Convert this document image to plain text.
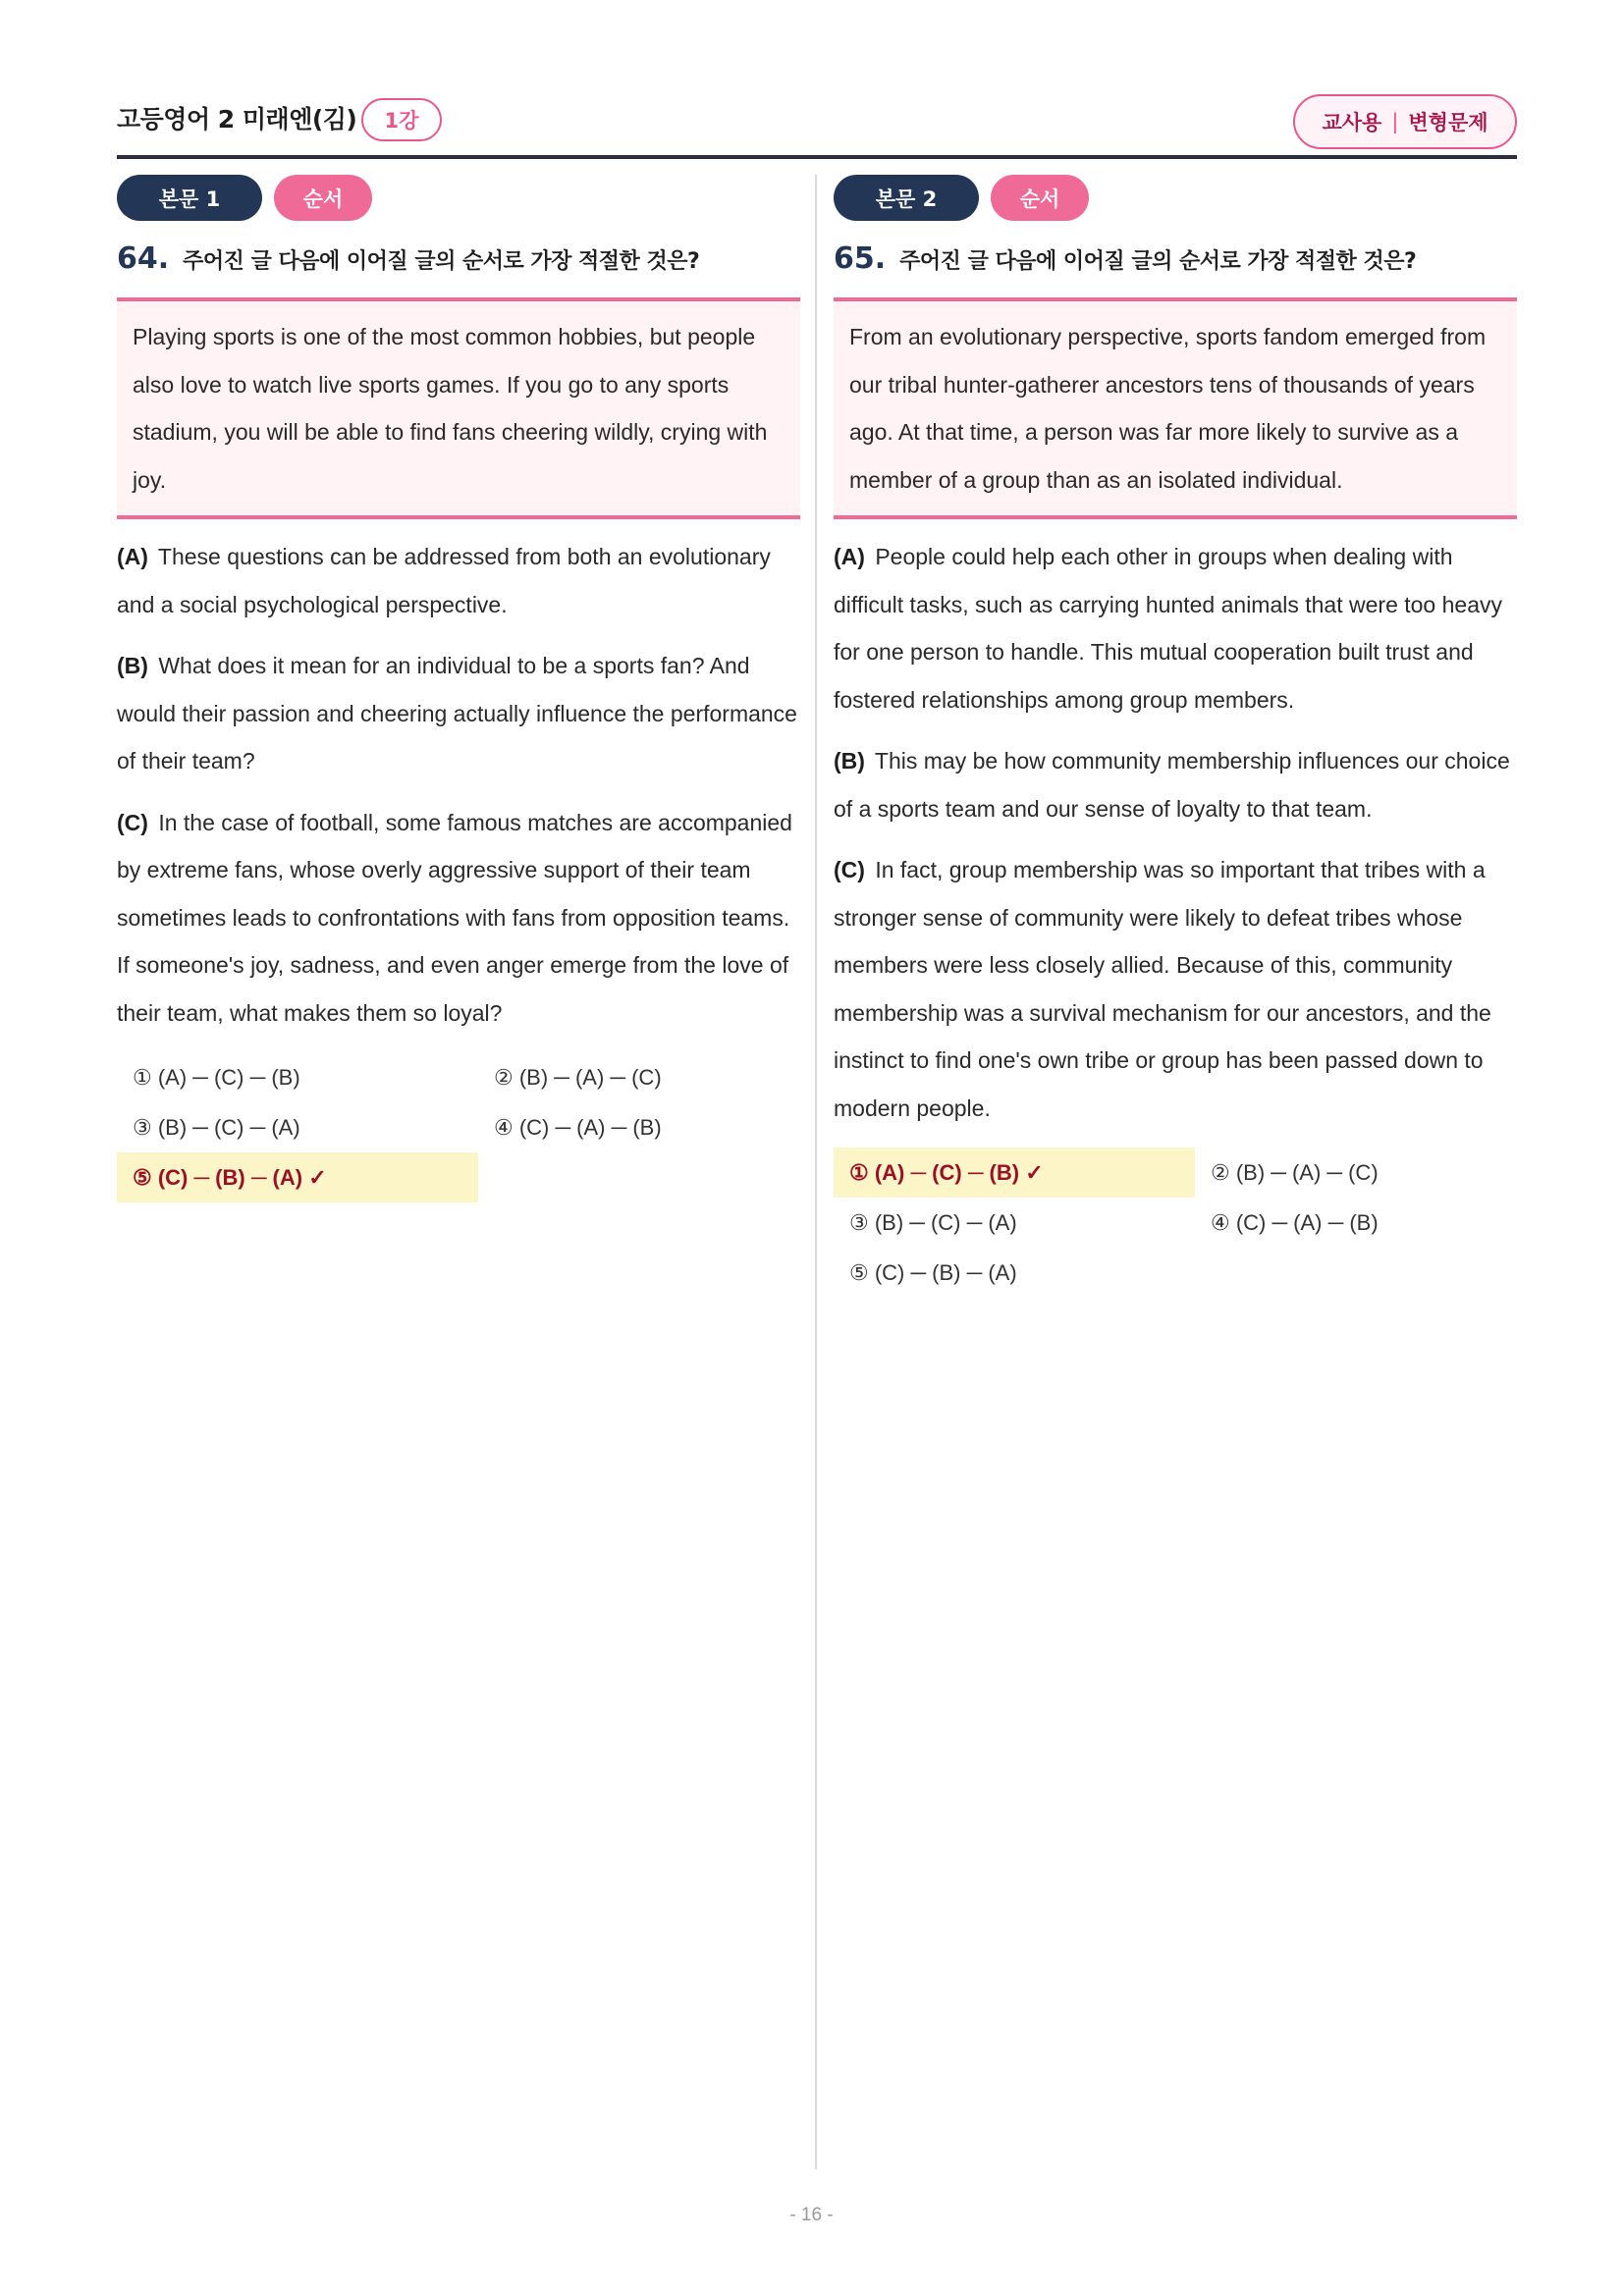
고등영어 2 미래엔(김)	1강	교사용 | 변형문제
본문 1	순서
64. 주어진 글 다음에 이어질 글의 순서로 가장 적절한 것은?
Playing sports is one of the most common hobbies, but people also love to watch live sports games. If you go to any sports stadium, you will be able to find fans cheering wildly, crying with joy.
(A) These questions can be addressed from both an evolutionary and a social psychological perspective.
(B) What does it mean for an individual to be a sports fan? And would their passion and cheering actually influence the performance of their team?
(C) In the case of football, some famous matches are accompanied by extreme fans, whose overly aggressive support of their team sometimes leads to confrontations with fans from opposition teams. If someone's joy, sadness, and even anger emerge from the love of their team, what makes them so loyal?
① (A) ─ (C) ─ (B)	② (B) ─ (A) ─ (C)
③ (B) ─ (C) ─ (A)	④ (C) ─ (A) ─ (B)
⑤ (C) ─ (B) ─ (A) ✓
본문 2	순서
65. 주어진 글 다음에 이어질 글의 순서로 가장 적절한 것은?
From an evolutionary perspective, sports fandom emerged from our tribal hunter-gatherer ancestors tens of thousands of years ago. At that time, a person was far more likely to survive as a member of a group than as an isolated individual.
(A) People could help each other in groups when dealing with difficult tasks, such as carrying hunted animals that were too heavy for one person to handle. This mutual cooperation built trust and fostered relationships among group members.
(B) This may be how community membership influences our choice of a sports team and our sense of loyalty to that team.
(C) In fact, group membership was so important that tribes with a stronger sense of community were likely to defeat tribes whose members were less closely allied. Because of this, community membership was a survival mechanism for our ancestors, and the instinct to find one's own tribe or group has been passed down to modern people.
① (A) ─ (C) ─ (B) ✓	② (B) ─ (A) ─ (C)
③ (B) ─ (C) ─ (A)	④ (C) ─ (A) ─ (B)
⑤ (C) ─ (B) ─ (A)
- 16 -
